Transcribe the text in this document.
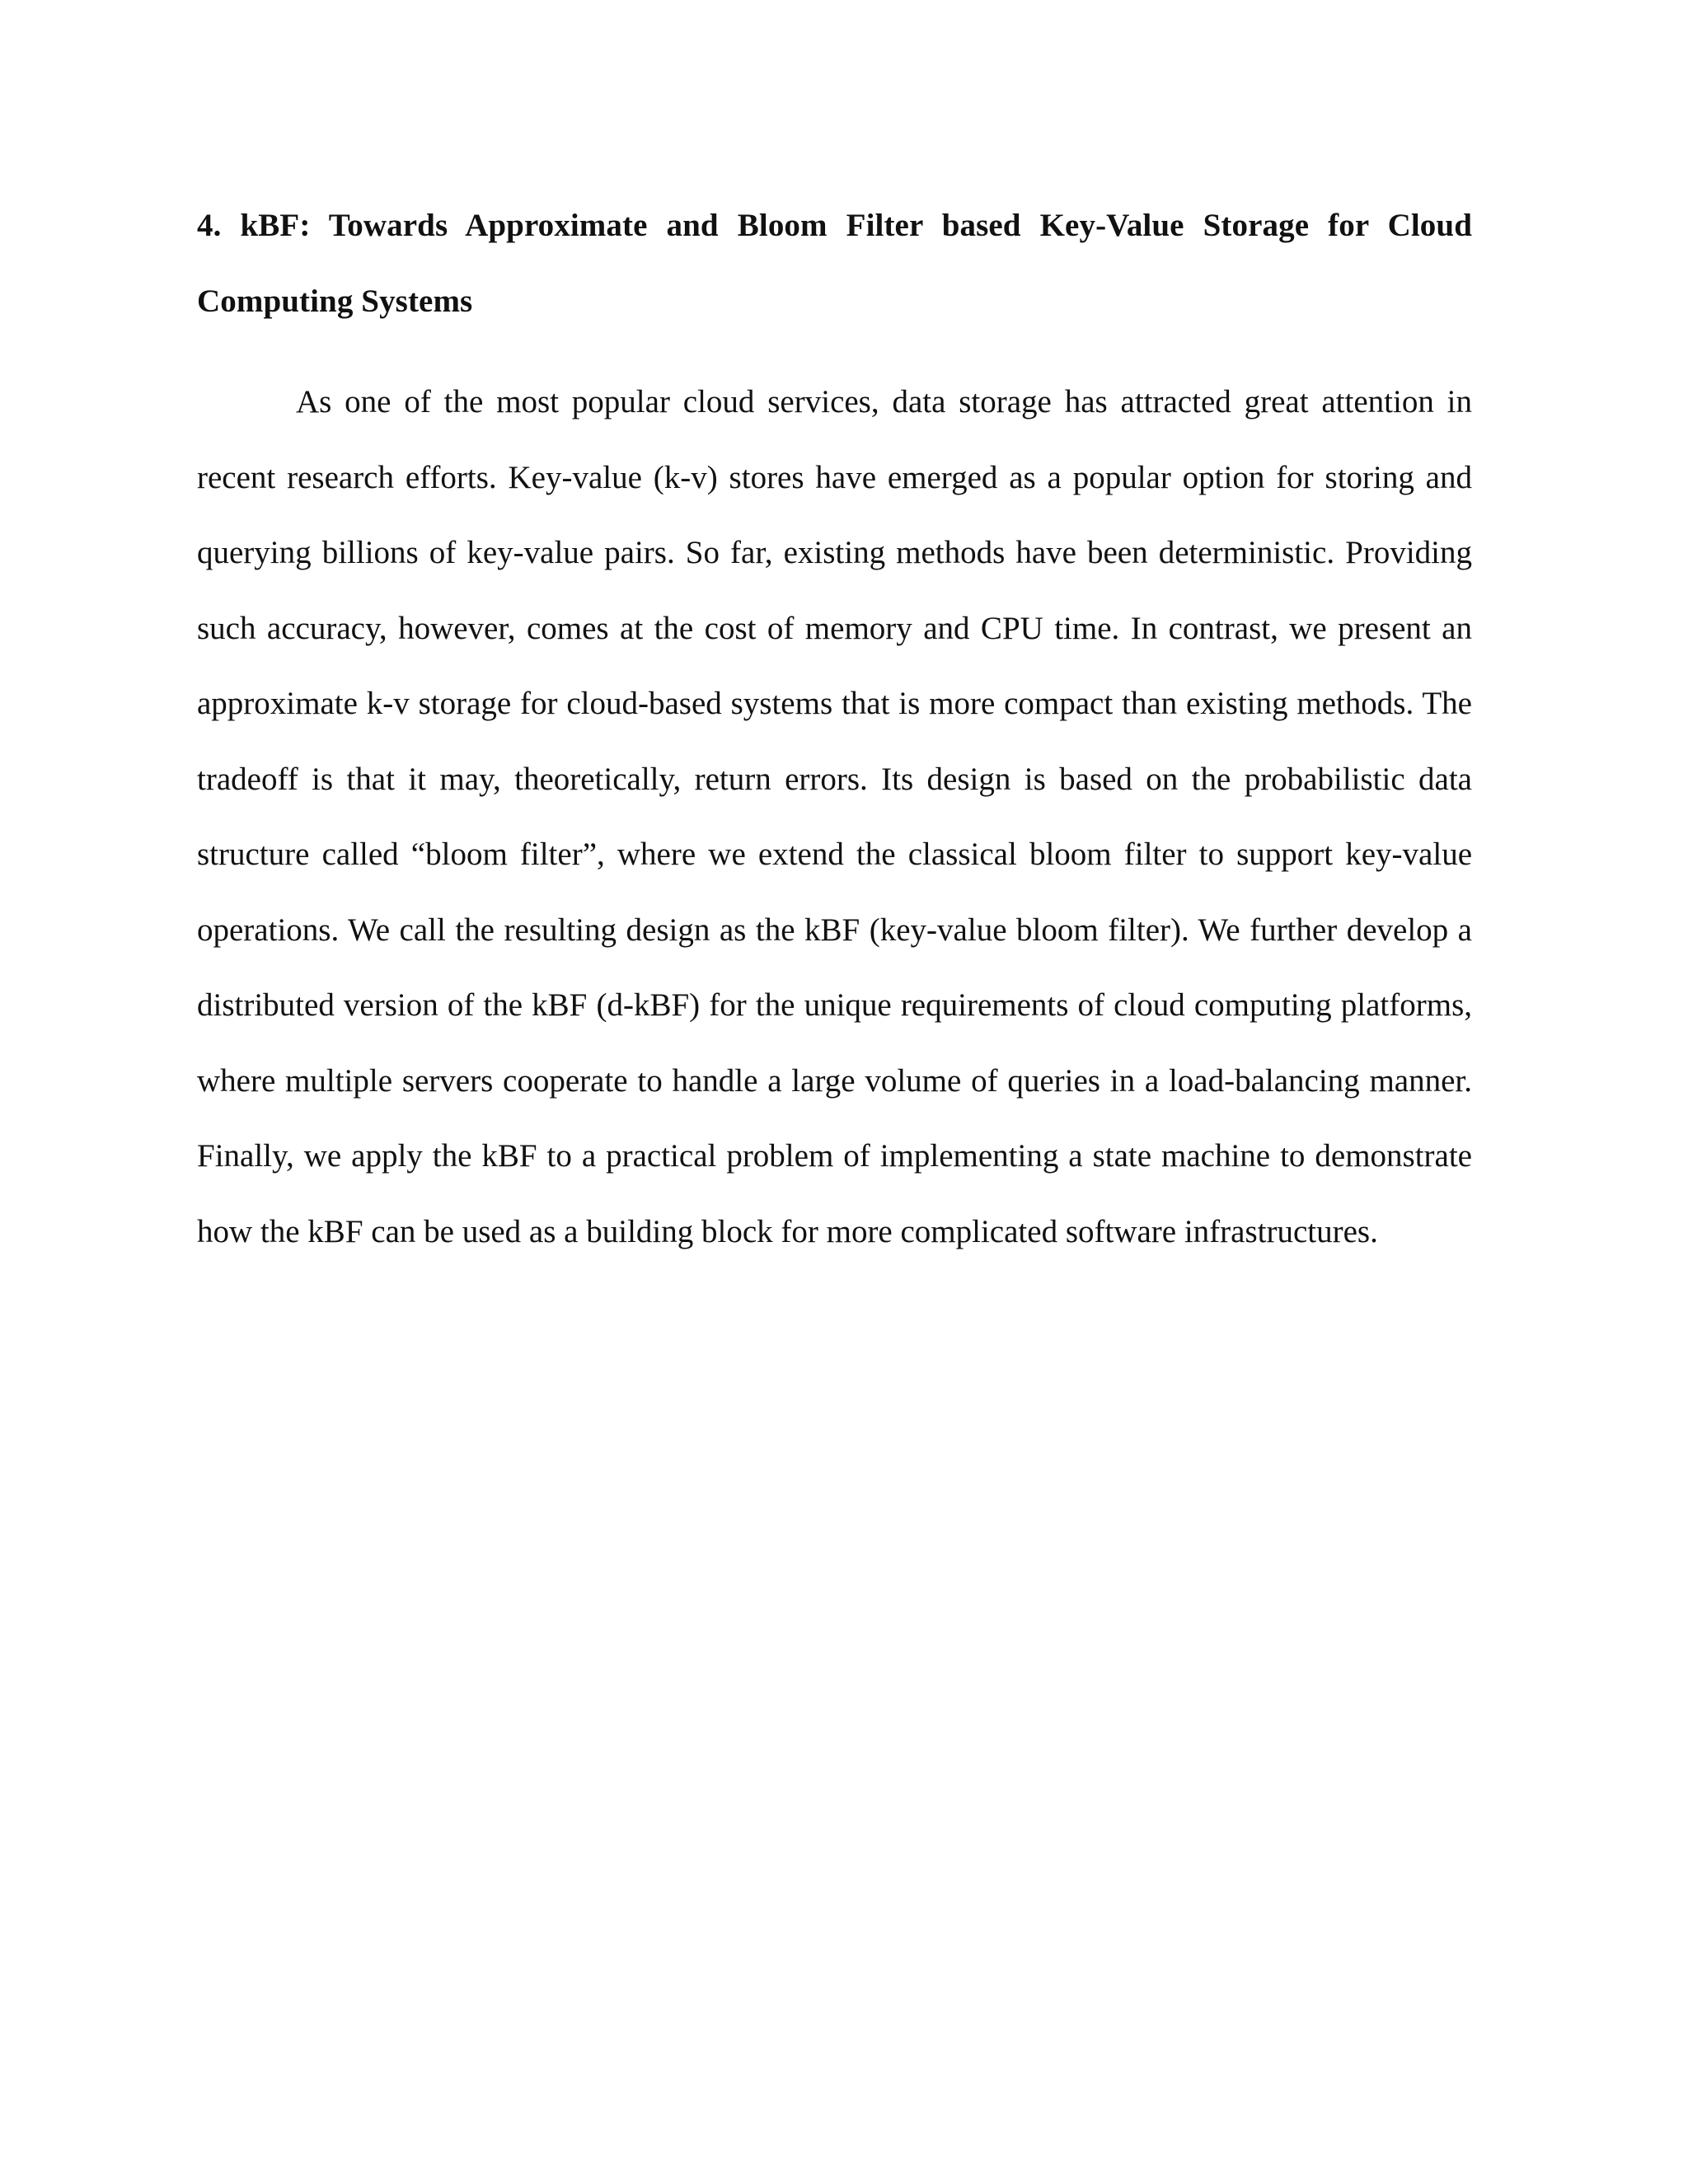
4. kBF: Towards Approximate and Bloom Filter based Key-Value Storage for Cloud Computing Systems

As one of the most popular cloud services, data storage has attracted great attention in recent research efforts. Key-value (k-v) stores have emerged as a popular option for storing and querying billions of key-value pairs. So far, existing methods have been deterministic. Providing such accuracy, however, comes at the cost of memory and CPU time. In contrast, we present an approximate k-v storage for cloud-based systems that is more compact than existing methods. The tradeoff is that it may, theoretically, return errors. Its design is based on the probabilistic data structure called “bloom filter”, where we extend the classical bloom filter to support key-value operations. We call the resulting design as the kBF (key-value bloom filter). We further develop a distributed version of the kBF (d-kBF) for the unique requirements of cloud computing platforms, where multiple servers cooperate to handle a large volume of queries in a load-balancing manner. Finally, we apply the kBF to a practical problem of implementing a state machine to demonstrate how the kBF can be used as a building block for more complicated software infrastructures.
